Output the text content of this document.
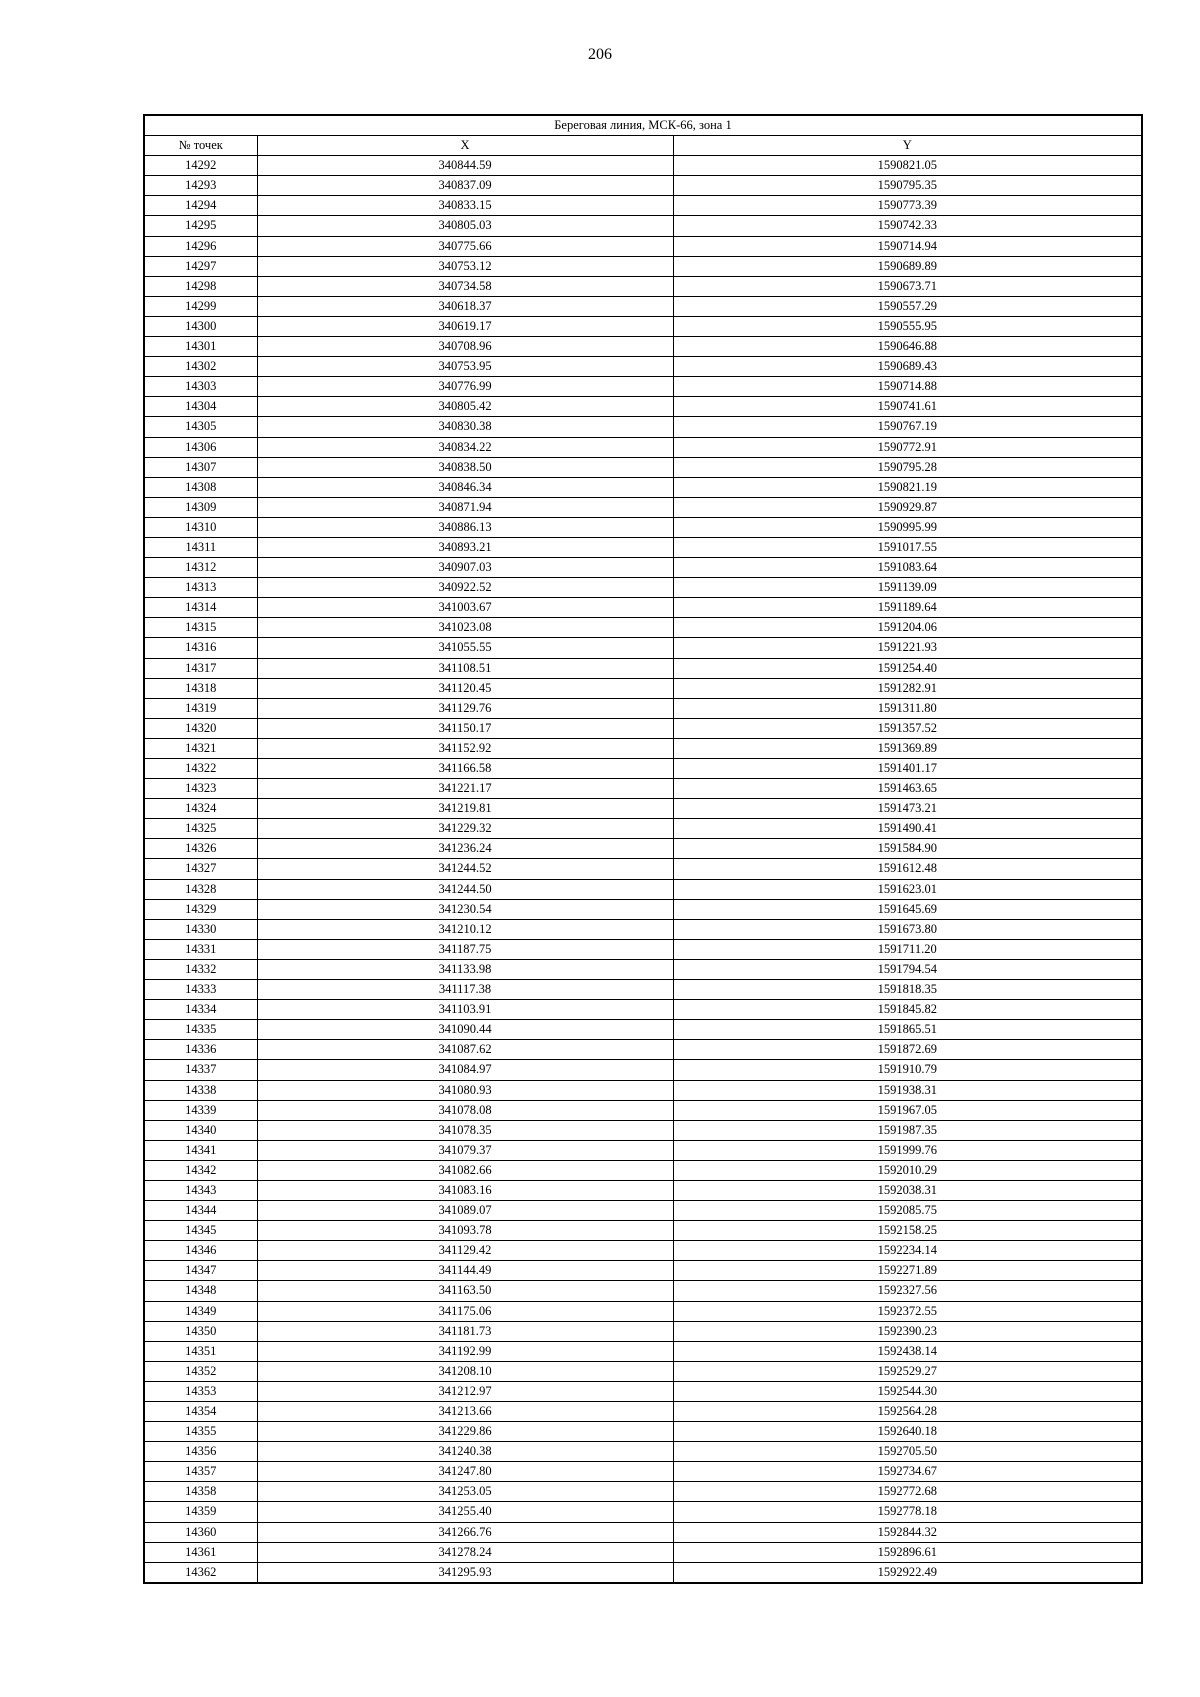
206
Береговая линия, МСК-66, зона 1		
№ точек	X	Y
14292	340844.59	1590821.05
14293	340837.09	1590795.35
14294	340833.15	1590773.39
14295	340805.03	1590742.33
14296	340775.66	1590714.94
14297	340753.12	1590689.89
14298	340734.58	1590673.71
14299	340618.37	1590557.29
14300	340619.17	1590555.95
14301	340708.96	1590646.88
14302	340753.95	1590689.43
14303	340776.99	1590714.88
14304	340805.42	1590741.61
14305	340830.38	1590767.19
14306	340834.22	1590772.91
14307	340838.50	1590795.28
14308	340846.34	1590821.19
14309	340871.94	1590929.87
14310	340886.13	1590995.99
14311	340893.21	1591017.55
14312	340907.03	1591083.64
14313	340922.52	1591139.09
14314	341003.67	1591189.64
14315	341023.08	1591204.06
14316	341055.55	1591221.93
14317	341108.51	1591254.40
14318	341120.45	1591282.91
14319	341129.76	1591311.80
14320	341150.17	1591357.52
14321	341152.92	1591369.89
14322	341166.58	1591401.17
14323	341221.17	1591463.65
14324	341219.81	1591473.21
14325	341229.32	1591490.41
14326	341236.24	1591584.90
14327	341244.52	1591612.48
14328	341244.50	1591623.01
14329	341230.54	1591645.69
14330	341210.12	1591673.80
14331	341187.75	1591711.20
14332	341133.98	1591794.54
14333	341117.38	1591818.35
14334	341103.91	1591845.82
14335	341090.44	1591865.51
14336	341087.62	1591872.69
14337	341084.97	1591910.79
14338	341080.93	1591938.31
14339	341078.08	1591967.05
14340	341078.35	1591987.35
14341	341079.37	1591999.76
14342	341082.66	1592010.29
14343	341083.16	1592038.31
14344	341089.07	1592085.75
14345	341093.78	1592158.25
14346	341129.42	1592234.14
14347	341144.49	1592271.89
14348	341163.50	1592327.56
14349	341175.06	1592372.55
14350	341181.73	1592390.23
14351	341192.99	1592438.14
14352	341208.10	1592529.27
14353	341212.97	1592544.30
14354	341213.66	1592564.28
14355	341229.86	1592640.18
14356	341240.38	1592705.50
14357	341247.80	1592734.67
14358	341253.05	1592772.68
14359	341255.40	1592778.18
14360	341266.76	1592844.32
14361	341278.24	1592896.61
14362	341295.93	1592922.49
